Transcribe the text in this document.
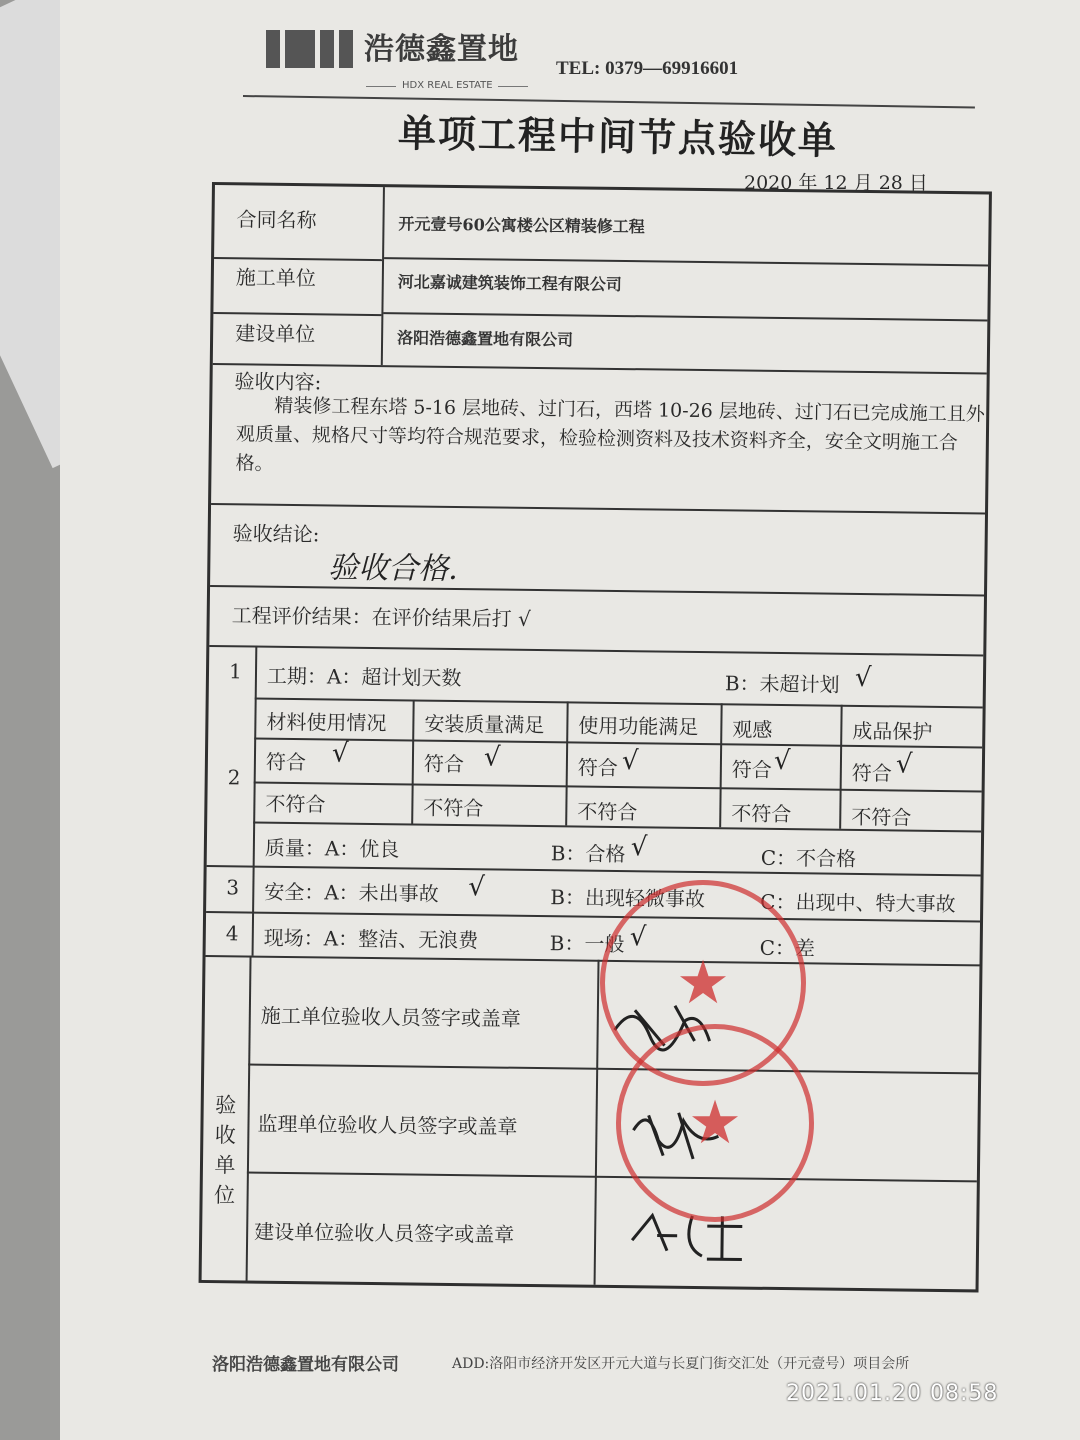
浩德鑫置地
HDX REAL ESTATE
TEL: 0379—69916601
单项工程中间节点验收单
2020 年 12 月 28 日
合同名称	开元壹号60公寓楼公区精装修工程
施工单位	河北嘉诚建筑装饰工程有限公司
建设单位	洛阳浩德鑫置地有限公司
验收内容:
精装修工程东塔 5-16 层地砖、过门石，西塔 10-26 层地砖、过门石已完成施工且外观质量、规格尺寸等均符合规范要求，检验检测资料及技术资料齐全，安全文明施工合格。
验收结论:
验收合格.
工程评价结果：在评价结果后打 √
1 工期：A：超计划天数	B：未超计划 √
2
材料使用情况 安装质量满足 使用功能满足 观感	成品保护
符合 √	符合 √	符合 √	符合 √	符合 √
不符合	不符合	不符合	不符合	不符合
质量：A：优良	B：合格 √	C：不合格
3 安全：A：未出事故 √	B：出现轻微事故	C：出现中、特大事故
4 现场：A：整洁、无浪费	B：一般 √	C：差
验收单位
施工单位验收人员签字或盖章
监理单位验收人员签字或盖章
建设单位验收人员签字或盖章
★
★
洛阳浩德鑫置地有限公司	ADD:洛阳市经济开发区开元大道与长夏门街交汇处（开元壹号）项目会所
2021.01.20 08:58
